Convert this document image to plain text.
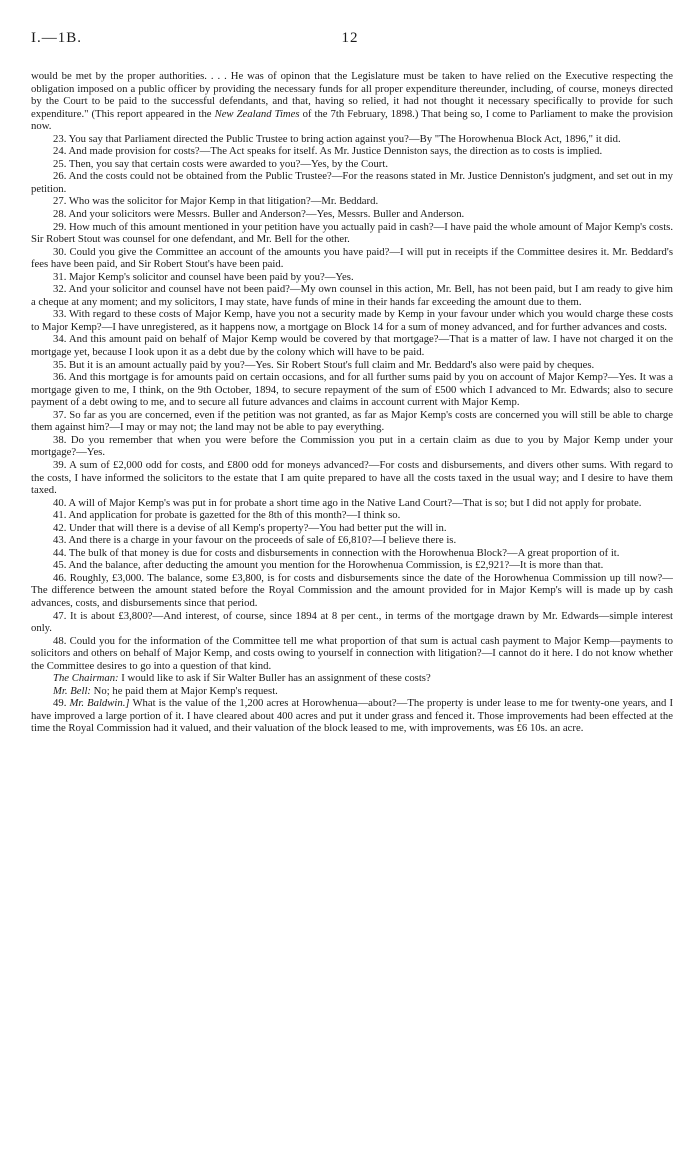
I.—1B.	12

would be met by the proper authorities. . . . He was of opinon that the Legislature must be taken to have relied on the Executive respecting the obligation imposed on a public officer by providing the necessary funds for all proper expenditure thereunder, including, of course, moneys directed by the Court to be paid to the successful defendants, and that, having so relied, it had not thought it necessary specifically to provide for such expenditure." (This report appeared in the New Zealand Times of the 7th February, 1898.) That being so, I come to Parliament to make the provision now.

23. You say that Parliament directed the Public Trustee to bring action against you?—By "The Horowhenua Block Act, 1896," it did.

24. And made provision for costs?—The Act speaks for itself. As Mr. Justice Denniston says, the direction as to costs is implied.

25. Then, you say that certain costs were awarded to you?—Yes, by the Court.

26. And the costs could not be obtained from the Public Trustee?—For the reasons stated in Mr. Justice Denniston's judgment, and set out in my petition.

27. Who was the solicitor for Major Kemp in that litigation?—Mr. Beddard.

28. And your solicitors were Messrs. Buller and Anderson?—Yes, Messrs. Buller and Anderson.

29. How much of this amount mentioned in your petition have you actually paid in cash?—I have paid the whole amount of Major Kemp's costs. Sir Robert Stout was counsel for one defendant, and Mr. Bell for the other.

30. Could you give the Committee an account of the amounts you have paid?—I will put in receipts if the Committee desires it. Mr. Beddard's fees have been paid, and Sir Robert Stout's have been paid.

31. Major Kemp's solicitor and counsel have been paid by you?—Yes.

32. And your solicitor and counsel have not been paid?—My own counsel in this action, Mr. Bell, has not been paid, but I am ready to give him a cheque at any moment; and my solicitors, I may state, have funds of mine in their hands far exceeding the amount due to them.

33. With regard to these costs of Major Kemp, have you not a security made by Kemp in your favour under which you would charge these costs to Major Kemp?—I have unregistered, as it happens now, a mortgage on Block 14 for a sum of money advanced, and for further advances and costs.

34. And this amount paid on behalf of Major Kemp would be covered by that mortgage?—That is a matter of law. I have not charged it on the mortgage yet, because I look upon it as a debt due by the colony which will have to be paid.

35. But it is an amount actually paid by you?—Yes. Sir Robert Stout's full claim and Mr. Beddard's also were paid by cheques.

36. And this mortgage is for amounts paid on certain occasions, and for all further sums paid by you on account of Major Kemp?—Yes. It was a mortgage given to me, I think, on the 9th October, 1894, to secure repayment of the sum of £500 which I advanced to Mr. Edwards; also to secure payment of a debt owing to me, and to secure all future advances and claims in account current with Major Kemp.

37. So far as you are concerned, even if the petition was not granted, as far as Major Kemp's costs are concerned you will still be able to charge them against him?—I may or may not; the land may not be able to pay everything.

38. Do you remember that when you were before the Commission you put in a certain claim as due to you by Major Kemp under your mortgage?—Yes.

39. A sum of £2,000 odd for costs, and £800 odd for moneys advanced?—For costs and disbursements, and divers other sums. With regard to the costs, I have informed the solicitors to the estate that I am quite prepared to have all the costs taxed in the usual way; and I desire to have them taxed.

40. A will of Major Kemp's was put in for probate a short time ago in the Native Land Court?—That is so; but I did not apply for probate.

41. And application for probate is gazetted for the 8th of this month?—I think so.

42. Under that will there is a devise of all Kemp's property?—You had better put the will in.

43. And there is a charge in your favour on the proceeds of sale of £6,810?—I believe there is.

44. The bulk of that money is due for costs and disbursements in connection with the Horowhenua Block?—A great proportion of it.

45. And the balance, after deducting the amount you mention for the Horowhenua Commission, is £2,921?—It is more than that.

46. Roughly, £3,000. The balance, some £3,800, is for costs and disbursements since the date of the Horowhenua Commission up till now?—The difference between the amount stated before the Royal Commission and the amount provided for in Major Kemp's will is made up by cash advances, costs, and disbursements since that period.

47. It is about £3,800?—And interest, of course, since 1894 at 8 per cent., in terms of the mortgage drawn by Mr. Edwards—simple interest only.

48. Could you for the information of the Committee tell me what proportion of that sum is actual cash payment to Major Kemp—payments to solicitors and others on behalf of Major Kemp, and costs owing to yourself in connection with litigation?—I cannot do it here. I do not know whether the Committee desires to go into a question of that kind.

The Chairman: I would like to ask if Sir Walter Buller has an assignment of these costs?

Mr. Bell: No; he paid them at Major Kemp's request.

49. Mr. Baldwin.] What is the value of the 1,200 acres at Horowhenua—about?—The property is under lease to me for twenty-one years, and I have improved a large portion of it. I have cleared about 400 acres and put it under grass and fenced it. Those improvements had been effected at the time the Royal Commission had it valued, and their valuation of the block leased to me, with improvements, was £6 10s. an acre.
